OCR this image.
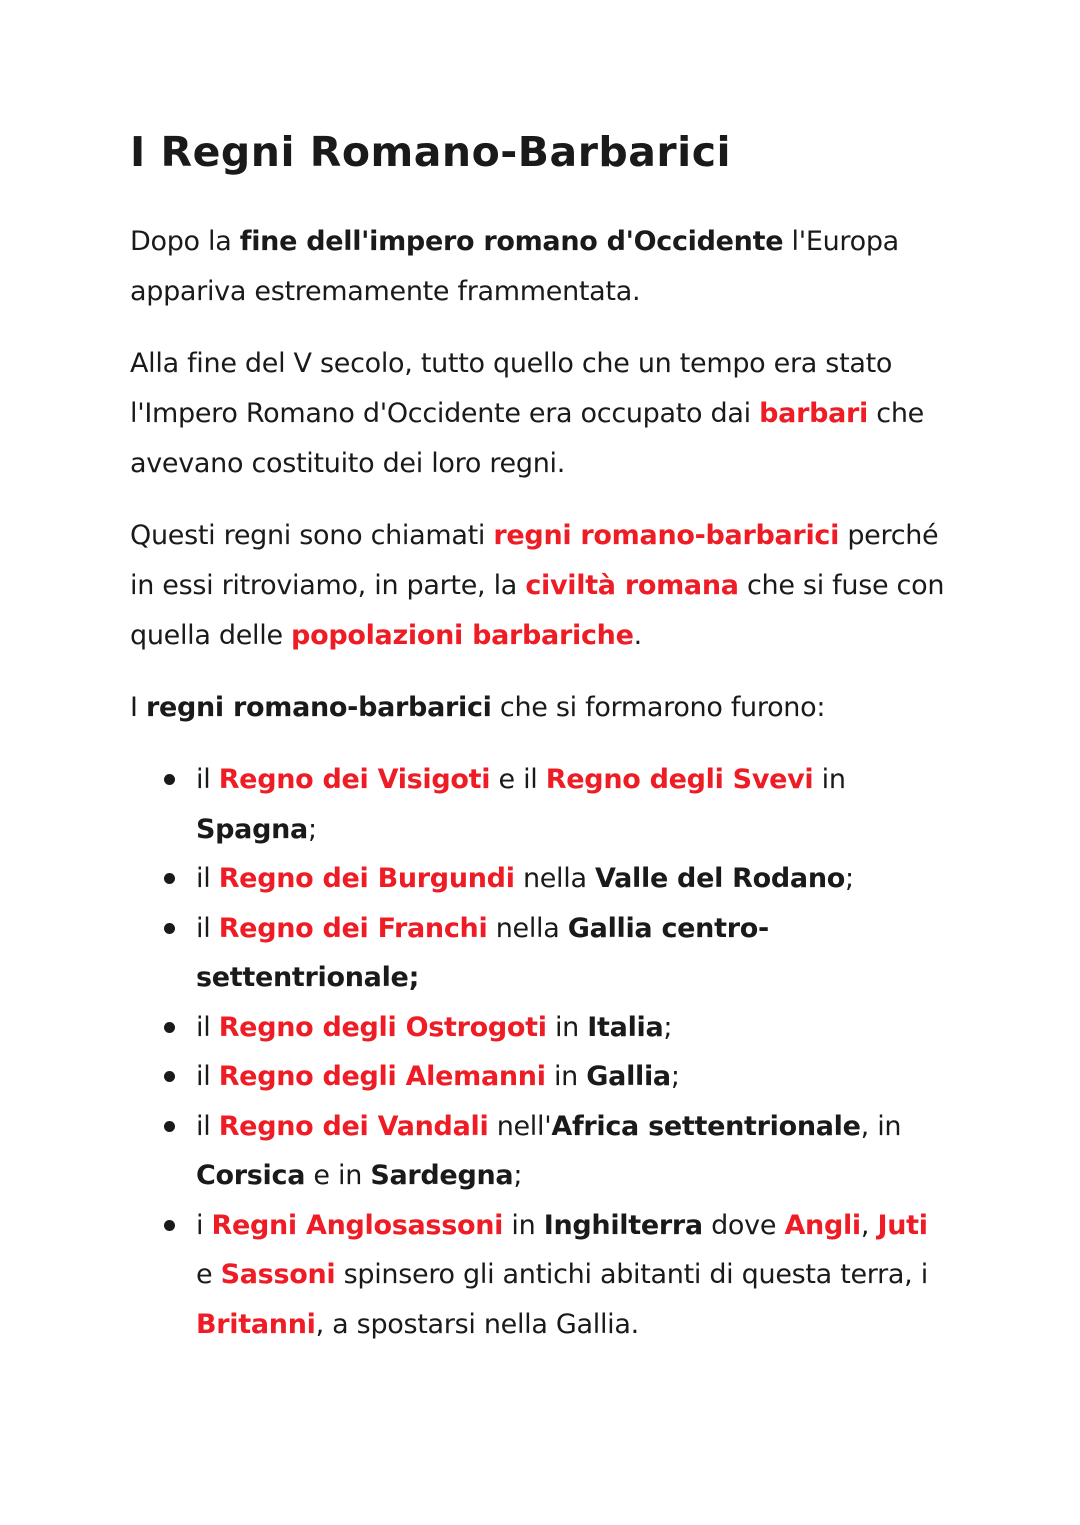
I Regni Romano-Barbarici

Dopo la fine dell'impero romano d'Occidente l'Europa appariva estremamente frammentata.

Alla fine del V secolo, tutto quello che un tempo era stato l'Impero Romano d'Occidente era occupato dai barbari che avevano costituito dei loro regni.

Questi regni sono chiamati regni romano-barbarici perché in essi ritroviamo, in parte, la civiltà romana che si fuse con quella delle popolazioni barbariche.

I regni romano-barbarici che si formarono furono:

il Regno dei Visigoti e il Regno degli Svevi in Spagna;
il Regno dei Burgundi nella Valle del Rodano;
il Regno dei Franchi nella Gallia centro-settentrionale;
il Regno degli Ostrogoti in Italia;
il Regno degli Alemanni in Gallia;
il Regno dei Vandali nell'Africa settentrionale, in Corsica e in Sardegna;
i Regni Anglosassoni in Inghilterra dove Angli, Juti e Sassoni spinsero gli antichi abitanti di questa terra, i Britanni, a spostarsi nella Gallia.
